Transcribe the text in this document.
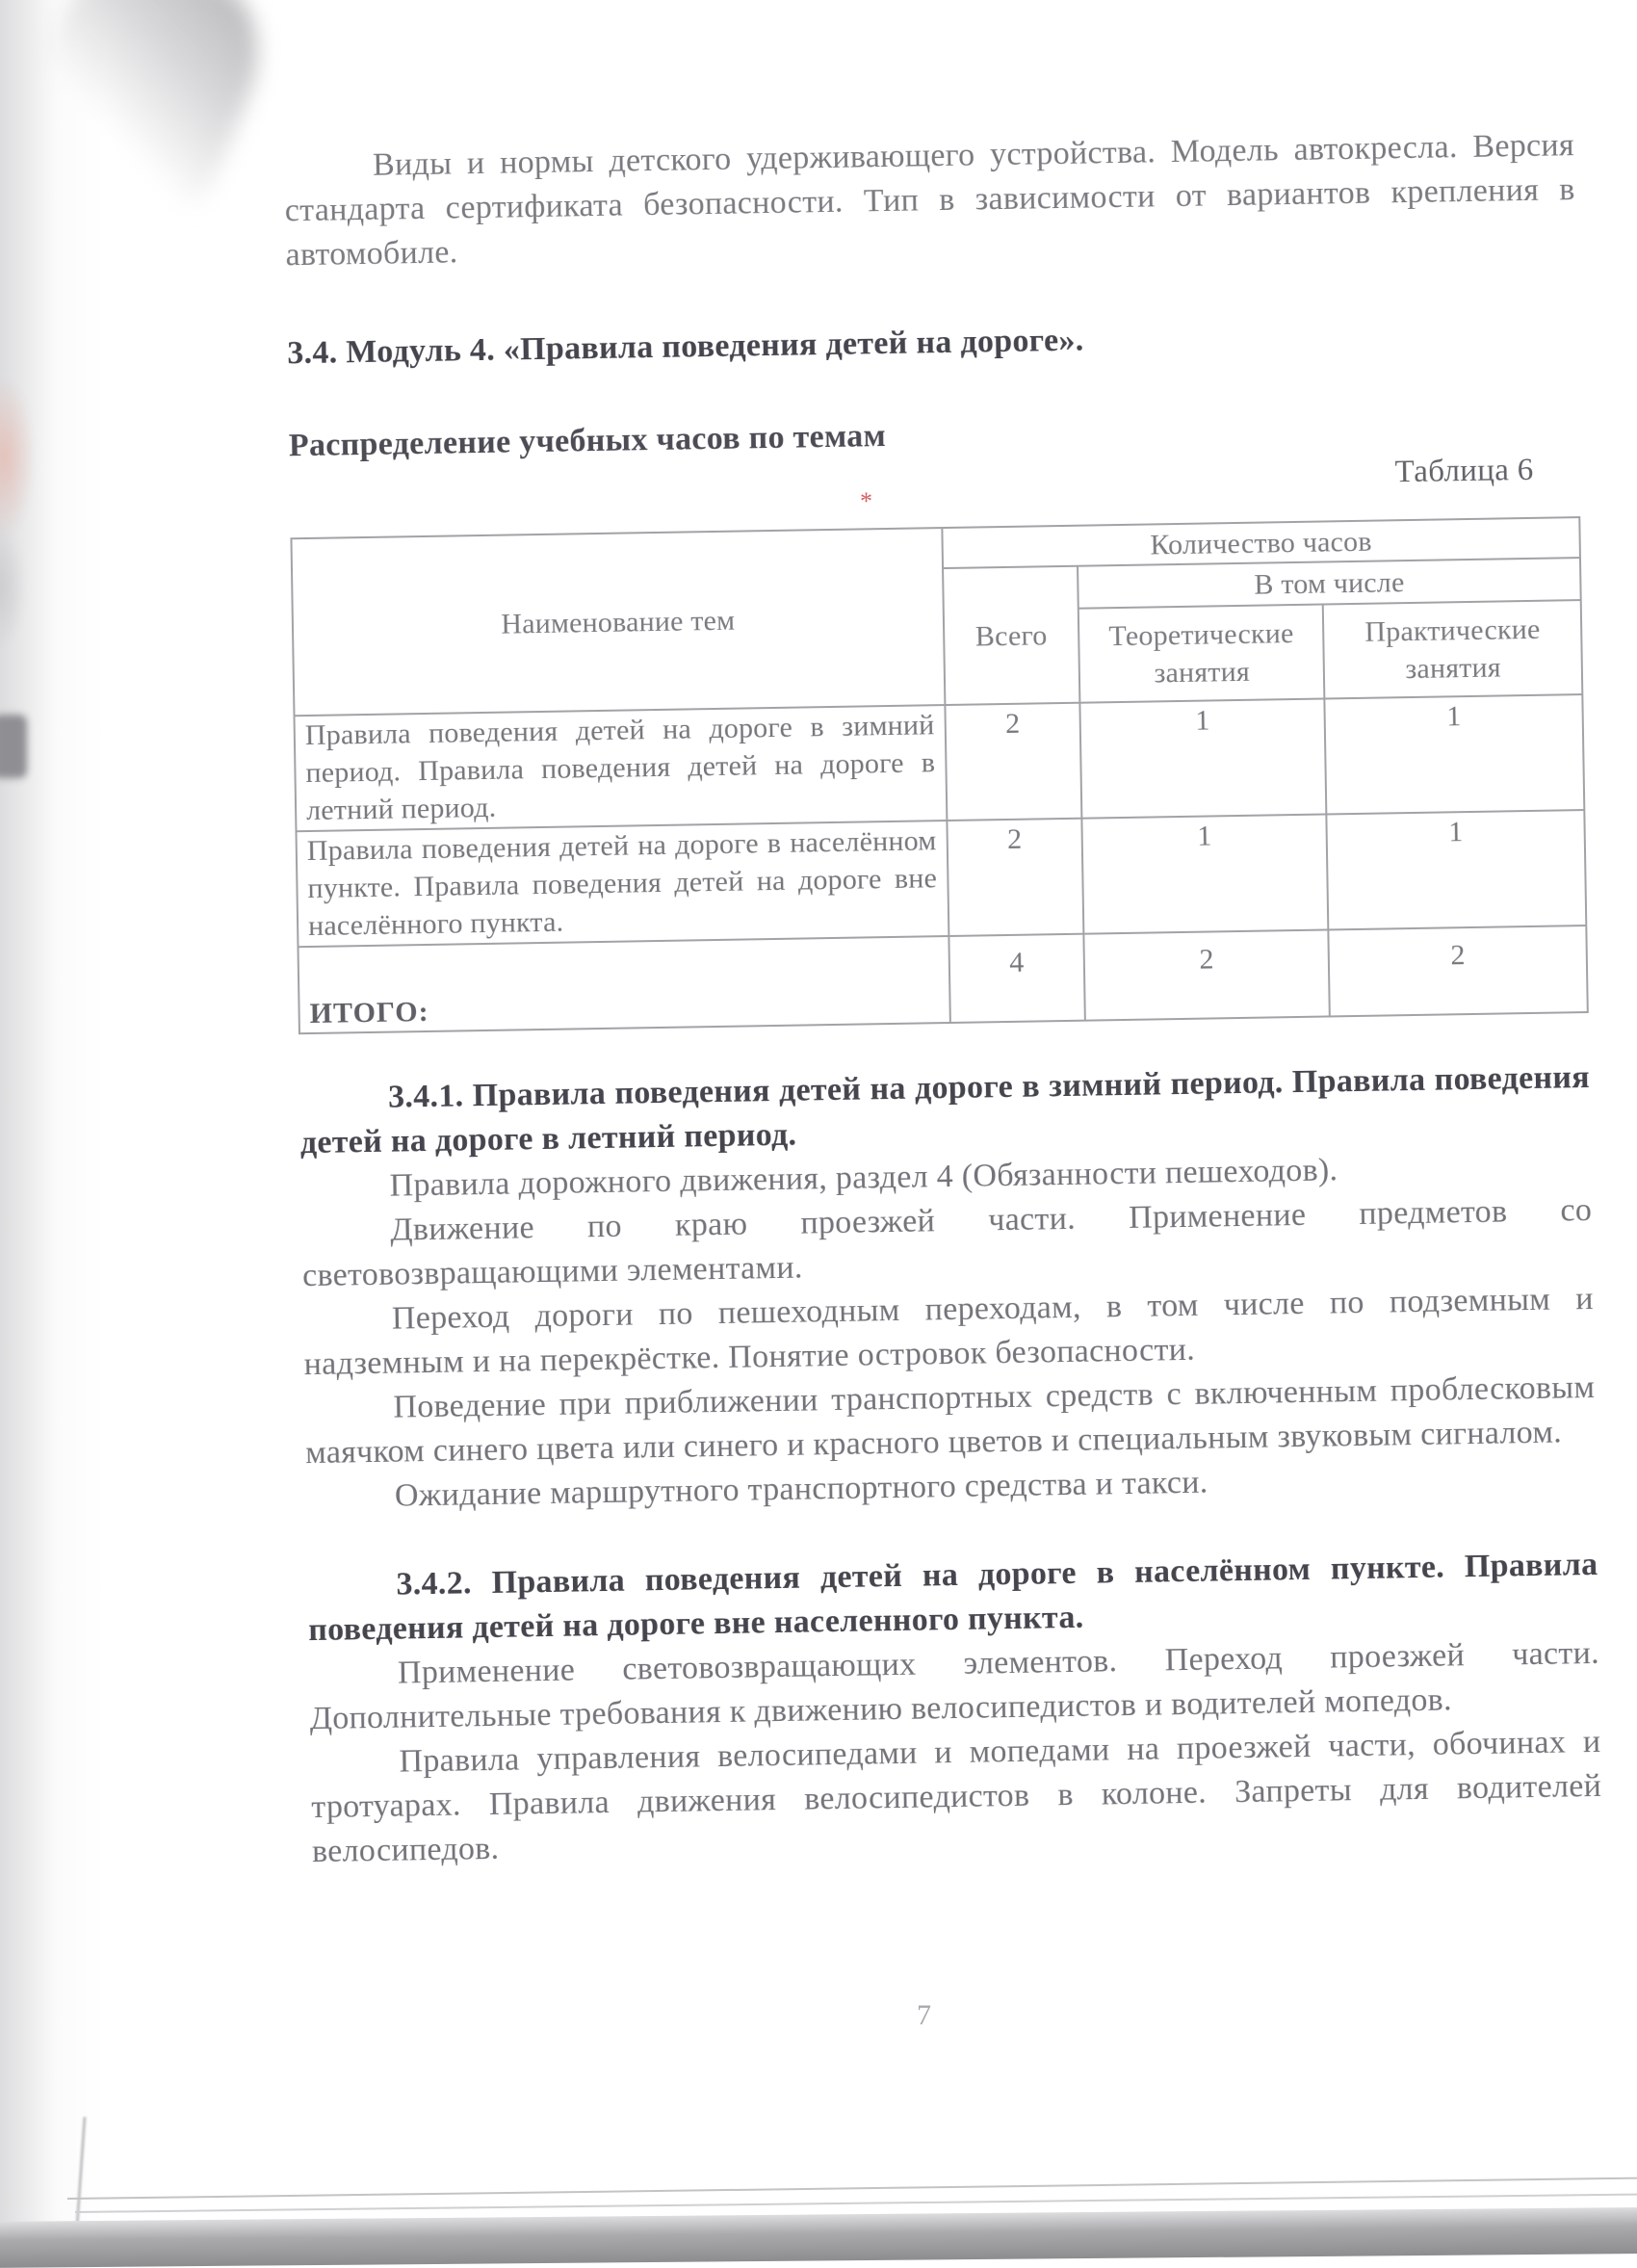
Виды и нормы детского удерживающего устройства. Модель автокресла. Версия стандарта сертификата безопасности. Тип в зависимости от вариантов крепления в автомобиле.

3.4. Модуль 4. «Правила поведения детей на дороге».

Распределение учебных часов по темам

Таблица 6

Наименование тем	Количество часов		
	Всего	В том числе	
		Теоретические занятия	Практические занятия
Правила поведения детей на дороге в зимний период. Правила поведения детей на дороге в летний период.	2	1	1
Правила поведения детей на дороге в населённом пункте. Правила поведения детей на дороге вне населённого пункта.	2	1	1
ИТОГО:	4	2	2

3.4.1. Правила поведения детей на дороге в зимний период. Правила поведения детей на дороге в летний период.

Правила дорожного движения, раздел 4 (Обязанности пешеходов).

Движение по краю проезжей части. Применение предметов со световозвращающими элементами.

Переход дороги по пешеходным переходам, в том числе по подземным и надземным и на перекрёстке. Понятие островок безопасности.

Поведение при приближении транспортных средств с включенным проблесковым маячком синего цвета или синего и красного цветов и специальным звуковым сигналом.

Ожидание маршрутного транспортного средства и такси.

3.4.2. Правила поведения детей на дороге в населённом пункте. Правила поведения детей на дороге вне населенного пункта.

Применение световозвращающих элементов. Переход проезжей части. Дополнительные требования к движению велосипедистов и водителей мопедов.

Правила управления велосипедами и мопедами на проезжей части, обочинах и тротуарах. Правила движения велосипедистов в колоне. Запреты для водителей велосипедов.

*
7
